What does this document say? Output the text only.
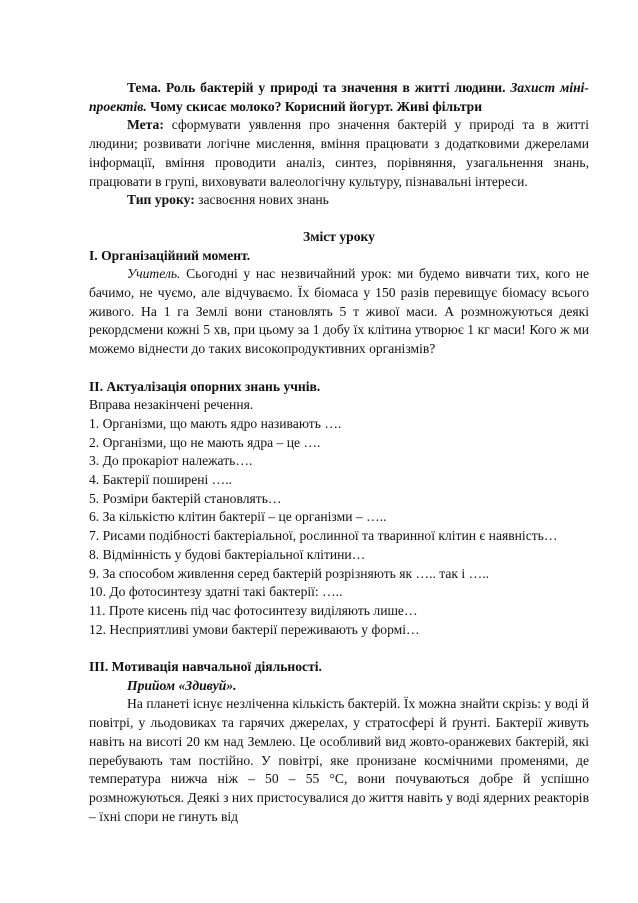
Тема. Роль бактерій у природі та значення в житті людини. Захист міні-проектів. Чому скисає молоко? Корисний йогурт. Живі фільтри

Мета: сформувати уявлення про значення бактерій у природі та в житті людини; розвивати логічне мислення, вміння працювати з додатковими джерелами інформації, вміння проводити аналіз, синтез, порівняння, узагальнення знань, працювати в групі, виховувати валеологічну культуру, пізнавальні інтереси.

Тип уроку: засвоєння нових знань

Зміст уроку

І. Організаційний момент.

Учитель. Сьогодні у нас незвичайний урок: ми будемо вивчати тих, кого не бачимо, не чуємо, але відчуваємо. Їх біомаса у 150 разів перевищує біомасу всього живого. На 1 га Землі вони становлять 5 т живої маси. А розмножуються деякі рекордсмени кожні 5 хв, при цьому за 1 добу їх клітина утворює 1 кг маси! Кого ж ми можемо віднести до таких високопродуктивних організмів?

ІІ. Актуалізація опорних знань учнів.

Вправа незакінчені речення.

1. Організми, що мають ядро називають ….
2. Організми, що не мають ядра – це ….
3. До прокаріот належать….
4. Бактерії поширені …..
5. Розміри бактерій становлять…
6. За кількістю клітин бактерії – це організми – …..
7. Рисами подібності бактеріальної, рослинної та тваринної клітин є наявність…
8. Відмінність у будові бактеріальної клітини…
9. За способом живлення серед бактерій розрізняють як ….. так і …..
10. До фотосинтезу здатні такі бактерії: …..
11. Проте кисень під час фотосинтезу виділяють лише…
12. Несприятливі умови бактерії переживають у формі…

ІІІ. Мотивація навчальної діяльності.

Прийом «Здивуй».

На планеті існує незліченна кількість бактерій. Їх можна знайти скрізь: у воді й повітрі, у льодовиках та гарячих джерелах, у стратосфері й ґрунті. Бактерії живуть навіть на висоті 20 км над Землею. Це особливий вид жовто-оранжевих бактерій, які перебувають там постійно. У повітрі, яке пронизане космічними променями, де температура нижча ніж – 50 – 55 °С, вони почуваються добре й успішно розмножуються. Деякі з них пристосувалися до життя навіть у воді ядерних реакторів – їхні спори не гинуть від
